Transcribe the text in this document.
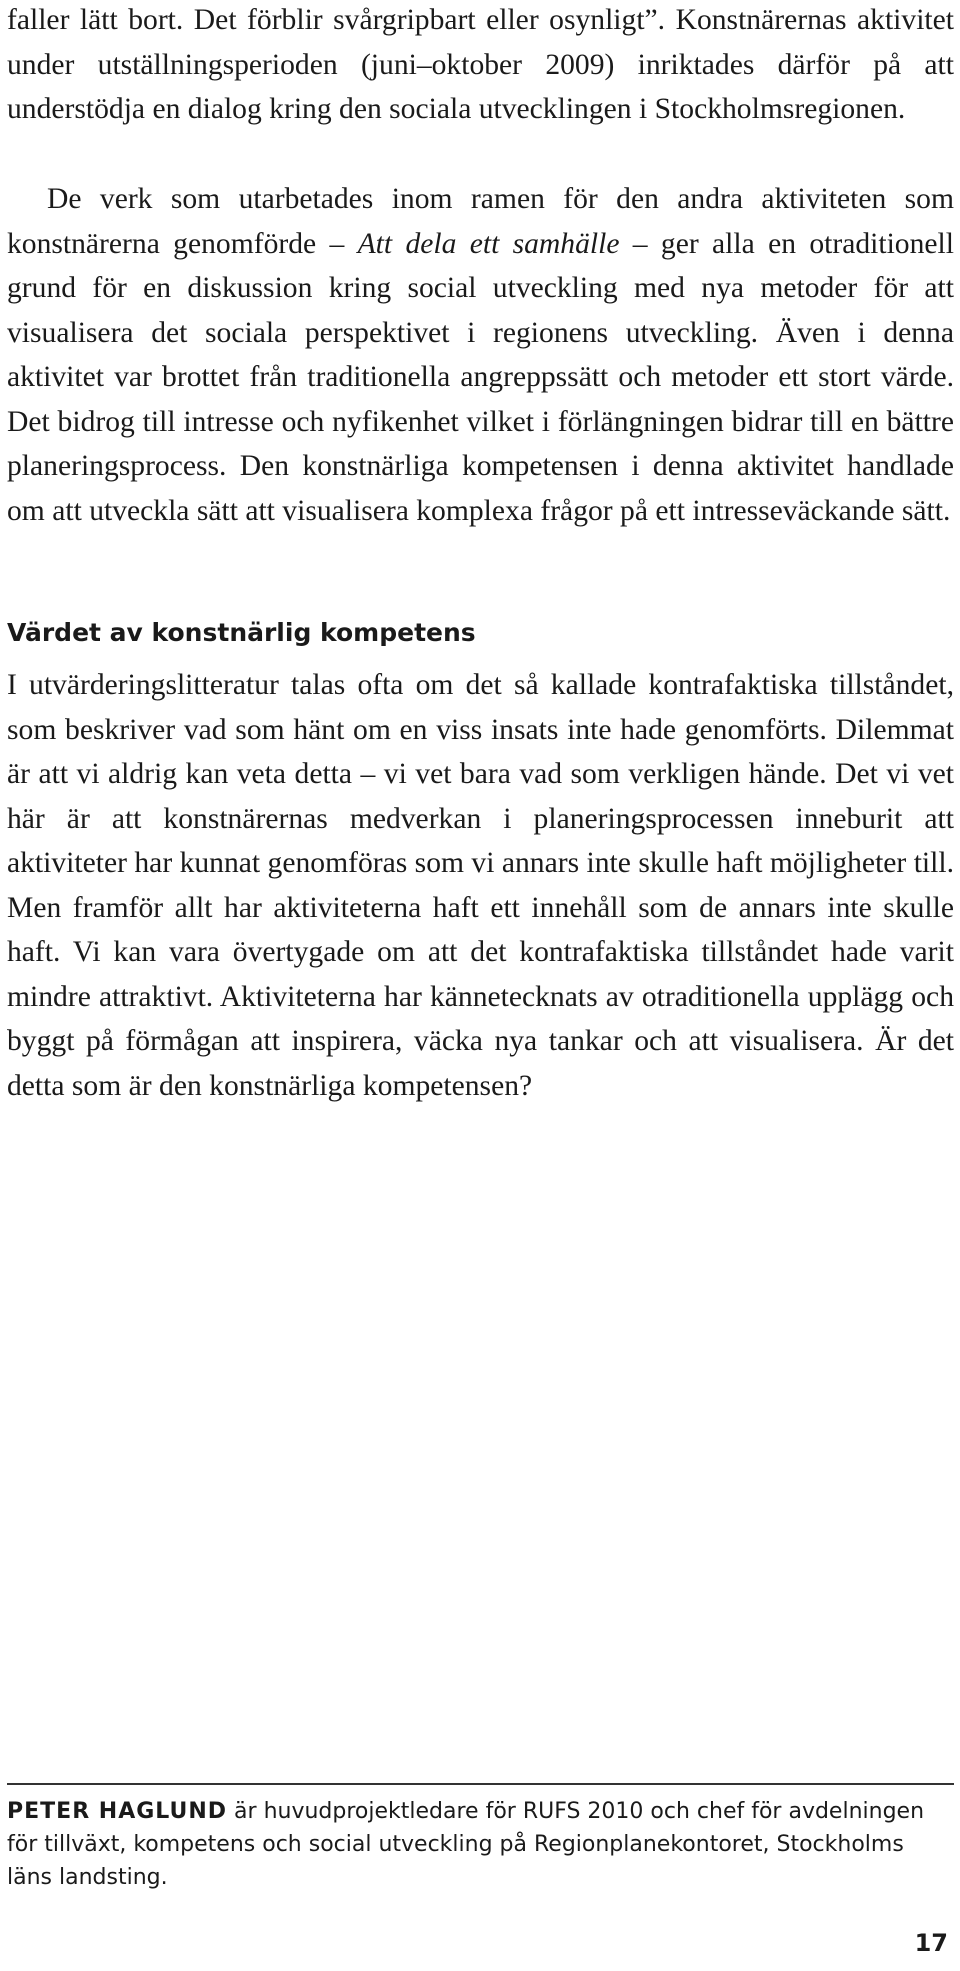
faller lätt bort. Det förblir svårgripbart eller osynligt”. Konstnärernas aktivitet under utställningsperioden (juni–oktober 2009) inriktades därför på att understödja en dialog kring den sociala utvecklingen i Stockholmsregionen.

De verk som utarbetades inom ramen för den andra aktiviteten som konstnärerna genomförde – Att dela ett samhälle – ger alla en otraditionell grund för en diskussion kring social utveckling med nya metoder för att visualisera det sociala perspektivet i regionens utveckling. Även i denna aktivitet var brottet från traditionella angreppssätt och metoder ett stort värde. Det bidrog till intresse och nyfikenhet vilket i förlängningen bidrar till en bättre planeringsprocess. Den konstnärliga kompetensen i denna aktivitet handlade om att utveckla sätt att visualisera komplexa frågor på ett intresseväckande sätt.

Värdet av konstnärlig kompetens

I utvärderingslitteratur talas ofta om det så kallade kontrafaktiska tillståndet, som beskriver vad som hänt om en viss insats inte hade genomförts. Dilemmat är att vi aldrig kan veta detta – vi vet bara vad som verkligen hände. Det vi vet här är att konstnärernas medverkan i planeringsprocessen inneburit att aktiviteter har kunnat genomföras som vi annars inte skulle haft möjligheter till. Men framför allt har aktiviteterna haft ett innehåll som de annars inte skulle haft. Vi kan vara övertygade om att det kontrafaktiska tillståndet hade varit mindre attraktivt. Aktiviteterna har kännetecknats av otraditionella upplägg och byggt på förmågan att inspirera, väcka nya tankar och att visualisera. Är det detta som är den konstnärliga kompetensen?

PETER HAGLUND är huvudprojektledare för RUFS 2010 och chef för avdelningen för tillväxt, kompetens och social utveckling på Regionplanekontoret, Stockholms läns landsting.

17
